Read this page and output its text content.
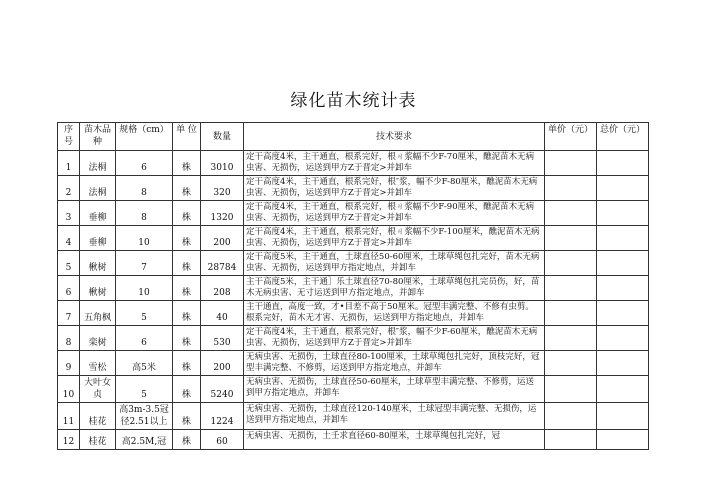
绿化苗木统计表
序号	苗木品种	规格（cm）	单 位	数量	技术要求	单价（元）	总价（元）
1	法桐	6	株	3010	定干高度4米，主干通直，根系完好，根ㄐ浆幅不少F-70厘米，醮泥苗木无病虫害、无损伤，运送到甲方Z于晋定>并卸车		
2	法桐	8	株	320	定干高度4米，主干通直，根系完好，根″浆，幅不少F-80厘米，醮泥苗木无病虫害、无损伤，运送到甲方Z于晋定>并卸车		
3	垂柳	8	株	1320	定干高度4米，主干通直，根系完好，根ㄐ浆幅不少F-90厘米，醮泥苗木无病虫害、无损伤，运送到甲方Z于晋定>并卸车		
4	垂柳	10	株	200	定干高度4米，主干通直，根系完好，根ㄐ浆幅不少F-100厘米，醮泥苗木无病虫害、无损伤，运送到甲方Z于晋定>并卸车		
5	楸树	7	株	28784	定干高度5米，主干通直，土球直径50-60厘米，土球草绳包扎完好，苗木无病虫害、无损伤，运送到甲方指定地点，并卸车		
6	楸树	10	株	208	主干高度5米，主干通］乐土球直径70-80厘米，土球草绳包扎完员伤，好，苗木无病虫害、无寸运送到甲方指定地点，并卸车		
7	五角枫	5	株	40	主干通直，高度一致，才•目差不高于50厘米。冠型丰满完整、不修有虫剪。根系完好，苗木无才害、无损伤，运送到甲方指定地点，并卸车		
8	栾树	6	株	530	定干高度4米，主干通直，根系完好，根″浆，幅不少F-60厘米，醮泥苗木无病虫害、无损伤，运送到甲方Z于晋定>并卸车		
9	雪松	高5米	株	200	无病虫害、无损伤，土球直径80-100厘米，土球草绳包扎完好，顶枝完好，冠型丰满完整、不修剪，运送到甲方指定地点，并卸车		
10	大叶女贞	5	株	5240	无病虫害、无损伤，土球直径50-60厘米，土球草型丰满完整、不修剪，运送到甲方指定地点，并卸车		
11	桂花	高3m-3.5冠径2.51以上	株	1224	无病虫害、无损伤，土球直径120-140厘米，土球冠型丰满完整、无损伤，运送到甲方指定地点，并卸车		
12	桂花	高2.5M,冠	株	60	无病虫害、无损伤，土壬求直径60-80厘米，土球草绳包扎完好，冠		
